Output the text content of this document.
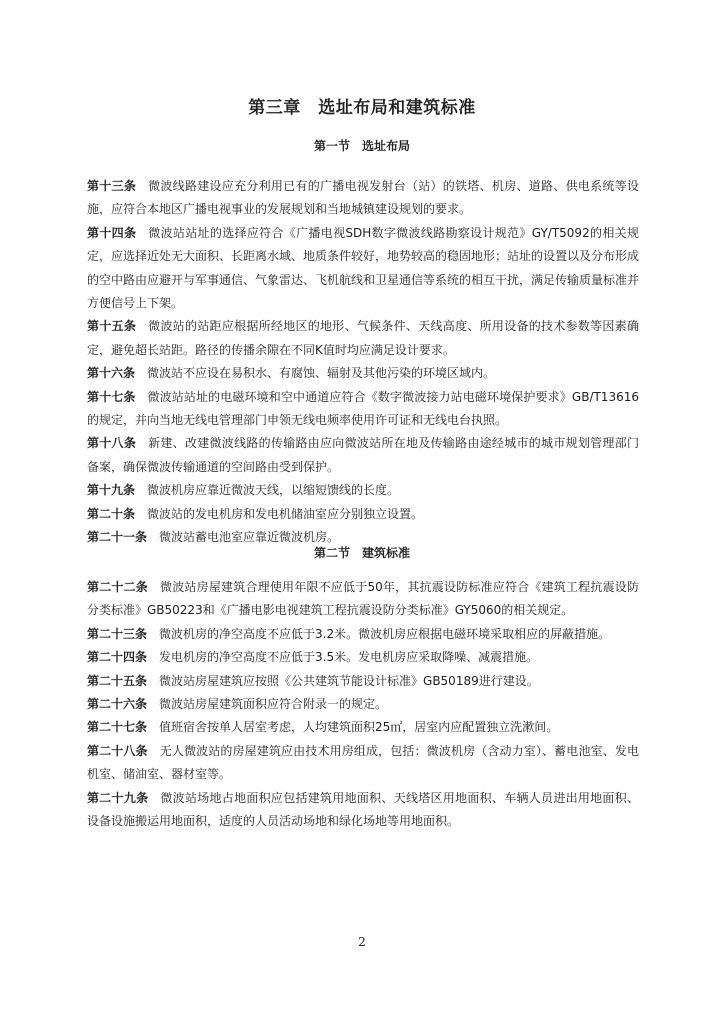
第三章　选址布局和建筑标准
第一节　选址布局

第十三条 微波线路建设应充分利用已有的广播电视发射台（站）的铁塔、机房、道路、供电系统等设施，应符合本地区广播电视事业的发展规划和当地城镇建设规划的要求。

第十四条 微波站站址的选择应符合《广播电视SDH数字微波线路勘察设计规范》GY/T5092的相关规定，应选择近处无大面积、长距离水域、地质条件较好，地势较高的稳固地形；站址的设置以及分布形成的空中路由应避开与军事通信、气象雷达、飞机航线和卫星通信等系统的相互干扰，满足传输质量标准并方便信号上下架。

第十五条 微波站的站距应根据所经地区的地形、气候条件、天线高度、所用设备的技术参数等因素确定，避免超长站距。路径的传播余隙在不同K值时均应满足设计要求。

第十六条 微波站不应设在易积水、有腐蚀、辐射及其他污染的环境区域内。

第十七条 微波站站址的电磁环境和空中通道应符合《数字微波接力站电磁环境保护要求》GB/T13616的规定，并向当地无线电管理部门申领无线电频率使用许可证和无线电台执照。

第十八条 新建、改建微波线路的传输路由应向微波站所在地及传输路由途经城市的城市规划管理部门备案，确保微波传输通道的空间路由受到保护。

第十九条 微波机房应靠近微波天线，以缩短馈线的长度。

第二十条 微波站的发电机房和发电机储油室应分别独立设置。

第二十一条 微波站蓄电池室应靠近微波机房。

第二节　建筑标准

第二十二条 微波站房屋建筑合理使用年限不应低于50年，其抗震设防标准应符合《建筑工程抗震设防分类标准》GB50223和《广播电影电视建筑工程抗震设防分类标准》GY5060的相关规定。

第二十三条 微波机房的净空高度不应低于3.2米。微波机房应根据电磁环境采取相应的屏蔽措施。

第二十四条 发电机房的净空高度不应低于3.5米。发电机房应采取降噪、减震措施。

第二十五条 微波站房屋建筑应按照《公共建筑节能设计标准》GB50189进行建设。

第二十六条 微波站房屋建筑面积应符合附录一的规定。

第二十七条 值班宿舍按单人居室考虑，人均建筑面积25㎡，居室内应配置独立洗漱间。

第二十八条 无人微波站的房屋建筑应由技术用房组成，包括：微波机房（含动力室）、蓄电池室、发电机室、储油室、器材室等。

第二十九条 微波站场地占地面积应包括建筑用地面积、天线塔区用地面积、车辆人员进出用地面积、设备设施搬运用地面积，适度的人员活动场地和绿化场地等用地面积。

2
